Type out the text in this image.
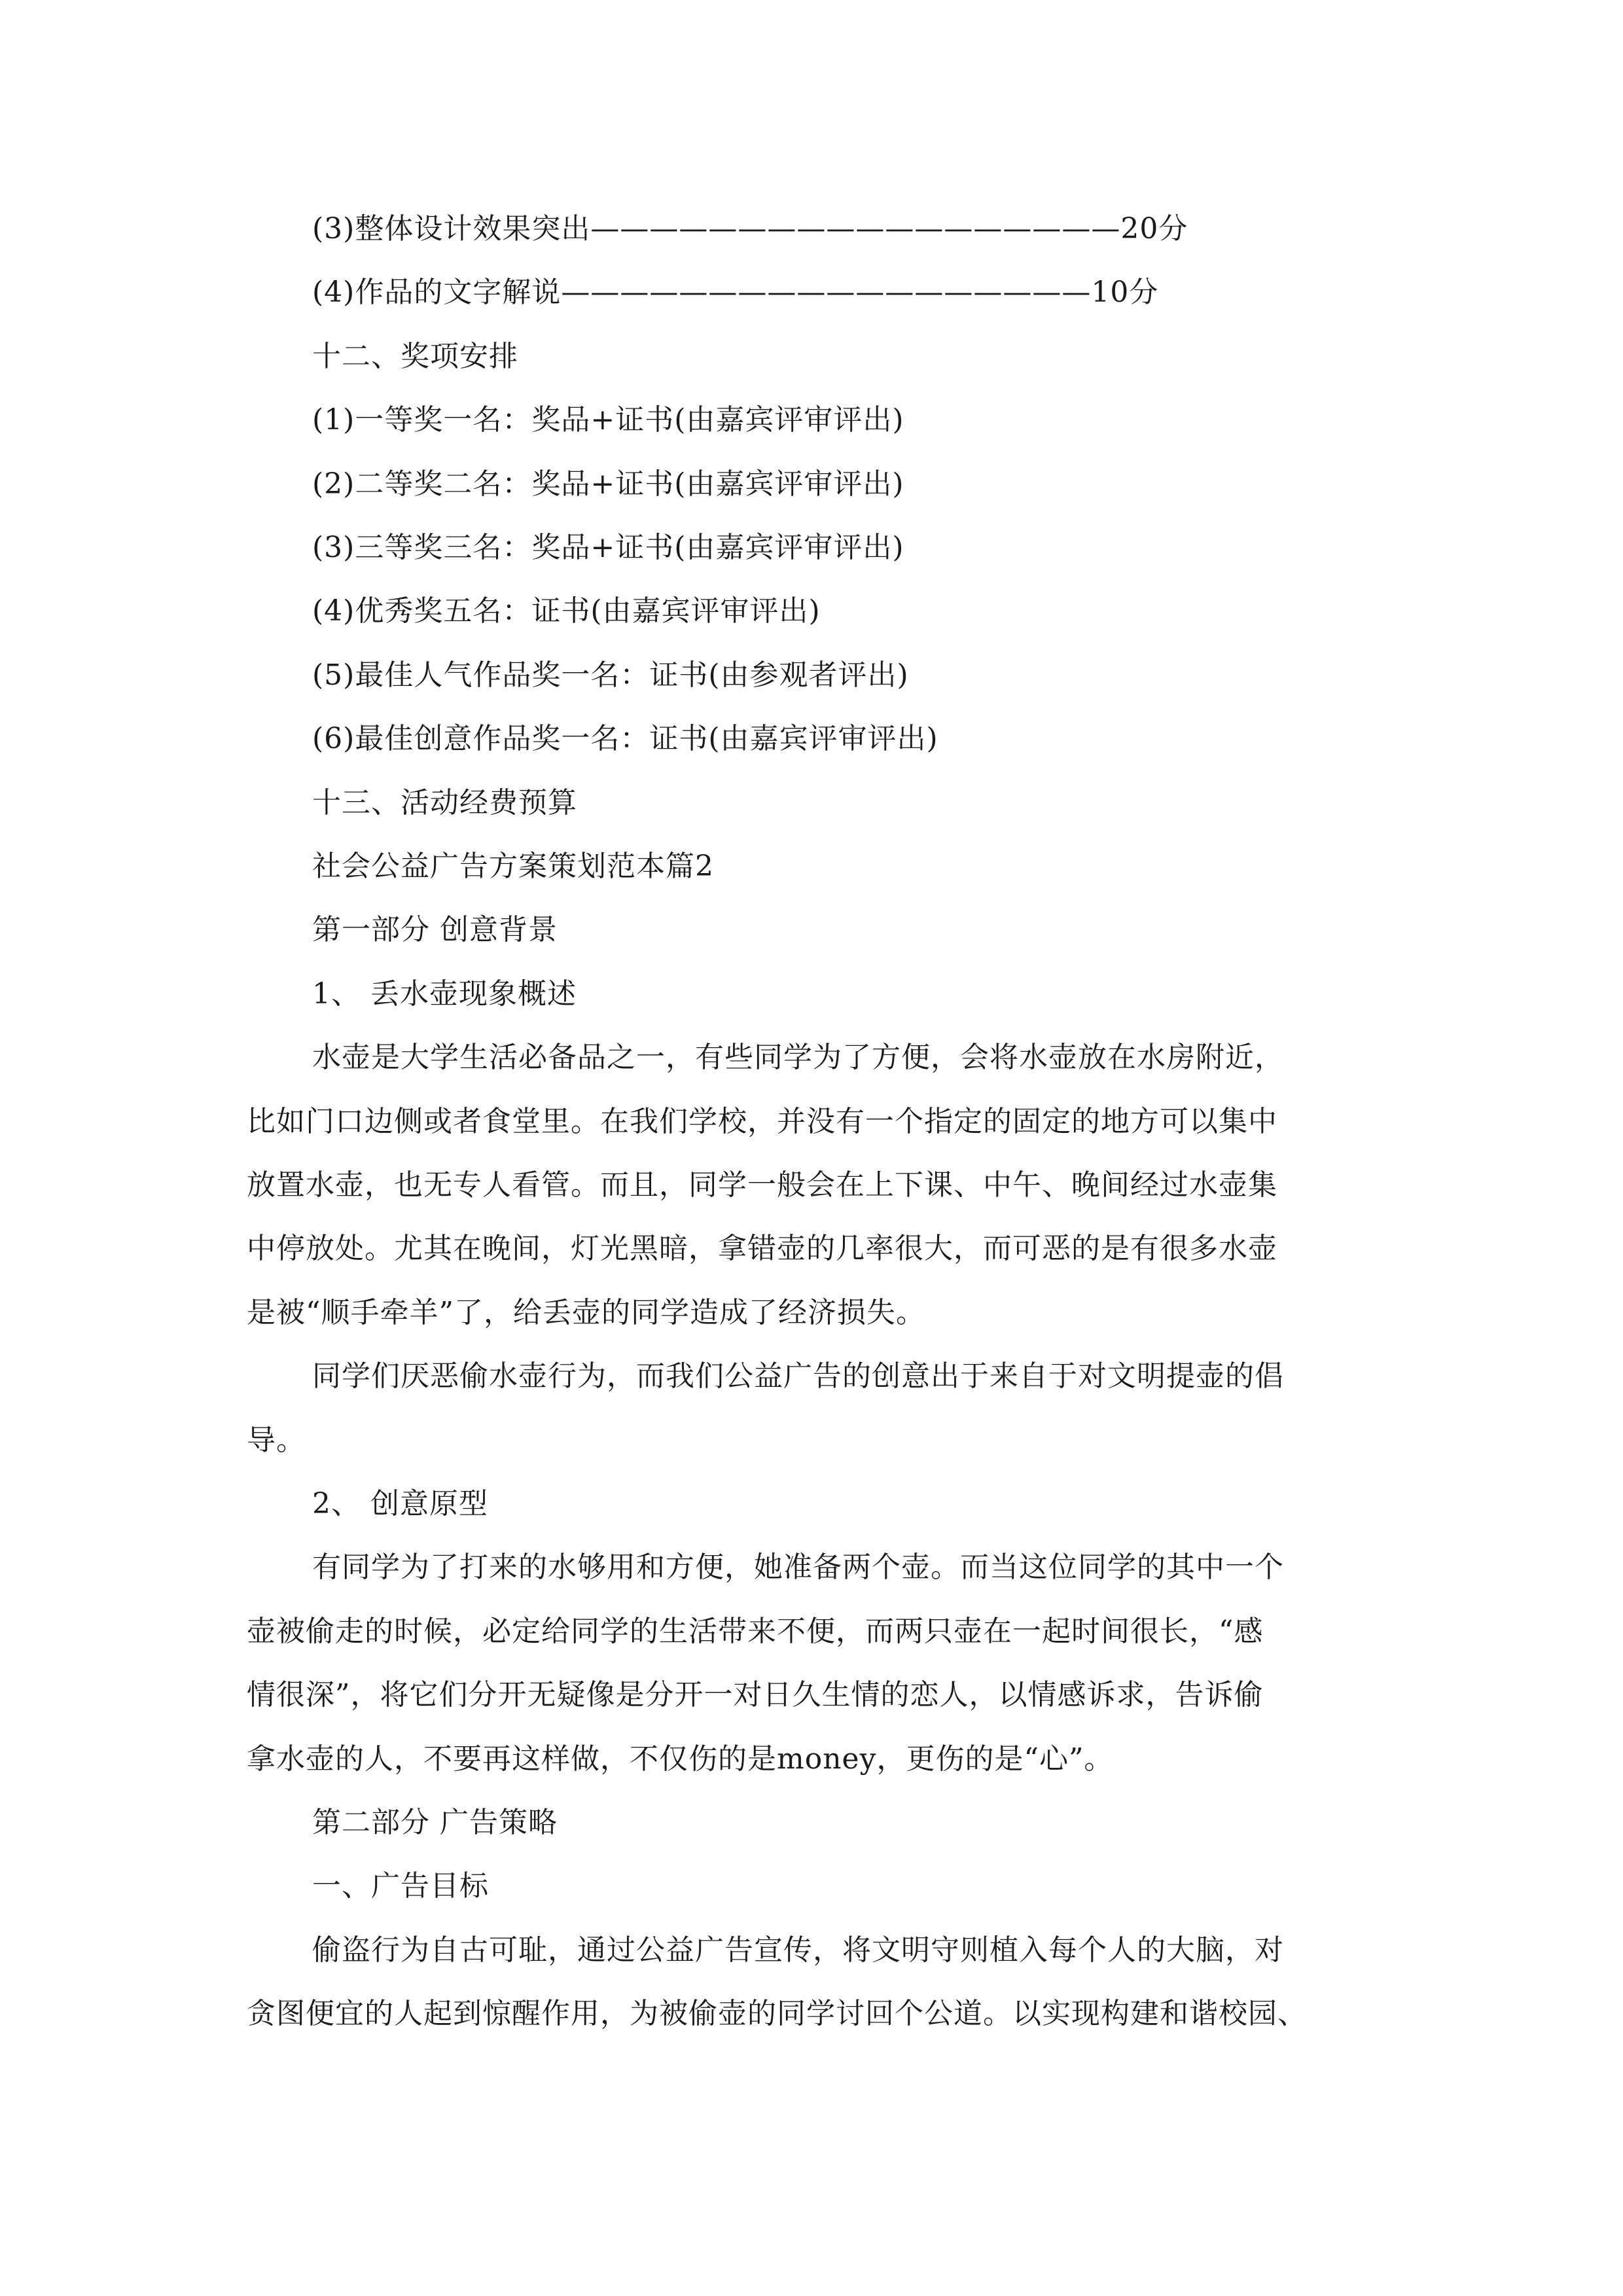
(3)整体设计效果突出——————————————————20分
(4)作品的文字解说——————————————————10分
十二、奖项安排
(1)一等奖一名：奖品+证书(由嘉宾评审评出)
(2)二等奖二名：奖品+证书(由嘉宾评审评出)
(3)三等奖三名：奖品+证书(由嘉宾评审评出)
(4)优秀奖五名：证书(由嘉宾评审评出)
(5)最佳人气作品奖一名：证书(由参观者评出)
(6)最佳创意作品奖一名：证书(由嘉宾评审评出)
十三、活动经费预算
社会公益广告方案策划范本篇2
第一部分 创意背景
1、 丢水壶现象概述
水壶是大学生活必备品之一，有些同学为了方便，会将水壶放在水房附近，
比如门口边侧或者食堂里。在我们学校，并没有一个指定的固定的地方可以集中
放置水壶，也无专人看管。而且，同学一般会在上下课、中午、晚间经过水壶集
中停放处。尤其在晚间，灯光黑暗，拿错壶的几率很大，而可恶的是有很多水壶
是被“顺手牵羊”了，给丢壶的同学造成了经济损失。
同学们厌恶偷水壶行为，而我们公益广告的创意出于来自于对文明提壶的倡
导。
2、 创意原型
有同学为了打来的水够用和方便，她准备两个壶。而当这位同学的其中一个
壶被偷走的时候，必定给同学的生活带来不便，而两只壶在一起时间很长，“感
情很深”，将它们分开无疑像是分开一对日久生情的恋人，以情感诉求，告诉偷
拿水壶的人，不要再这样做，不仅伤的是money，更伤的是“心”。
第二部分 广告策略
一、广告目标
偷盗行为自古可耻，通过公益广告宣传，将文明守则植入每个人的大脑，对
贪图便宜的人起到惊醒作用，为被偷壶的同学讨回个公道。以实现构建和谐校园、
